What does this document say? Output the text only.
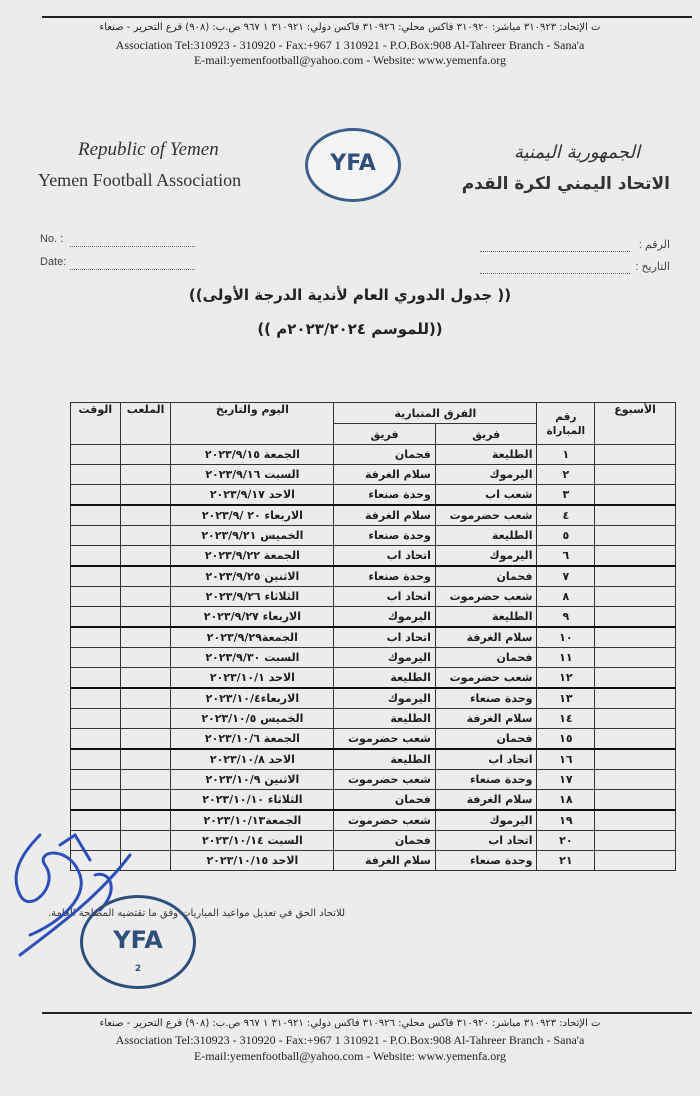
ت الإتحاد: ٣١٠٩٢٣ مباشر: ٣١٠٩٢٠ فاكس محلي: ٣١٠٩٢٦ فاكس دولي: ٣١٠٩٢١ ١ ٩٦٧ ص.ب: (٩٠٨) فرع التحرير - صنعاء
Association Tel:310923 - 310920 - Fax:+967 1 310921 - P.O.Box:908 Al-Tahreer Branch - Sana'a
E-mail:yemenfootball@yahoo.com - Website: www.yemenfa.org
Republic of Yemen
Yemen Football Association
YFA	الجمهورية اليمنية
الاتحاد اليمني لكرة القدم
No. :
Date:
الرقم :
التاريخ :
(( جدول الدوري العام لأندية الدرجة الأولى))
((للموسم ٢٠٢٣/٢٠٢٤م ))
الأسبوع	رقم المباراة	الفرق المتبارية		اليوم والتاريخ	الملعب	الوقت
		فريق	فريق			
	١	الطليعة	فحمان	الجمعة ٢٠٢٣/٩/١٥		
	٢	اليرموك	سلام الغرفة	السبت ٢٠٢٣/٩/١٦		
	٣	شعب اب	وحدة صنعاء	الاحد ٢٠٢٣/٩/١٧		
	٤	شعب حضرموت	سلام الغرفة	الاربعاء ٢٠ /٢٠٢٣/٩		
	٥	الطليعة	وحدة صنعاء	الخميس ٢٠٢٣/٩/٢١		
	٦	اليرموك	اتحاد اب	الجمعة ٢٠٢٣/٩/٢٢		
	٧	فحمان	وحدة صنعاء	الاثنين ٢٠٢٣/٩/٢٥		
	٨	شعب حضرموت	اتحاد اب	الثلاثاء ٢٠٢٣/٩/٢٦		
	٩	الطليعة	اليرموك	الاربعاء ٢٠٢٣/٩/٢٧		
	١٠	سلام الغرفة	اتحاد اب	الجمعة٢٠٢٣/٩/٢٩		
	١١	فحمان	اليرموك	السبت ٢٠٢٣/٩/٣٠		
	١٢	شعب حضرموت	الطليعة	الاحد ٢٠٢٣/١٠/١		
	١٣	وحدة صنعاء	اليرموك	الاربعاء٢٠٢٣/١٠/٤		
	١٤	سلام الغرفة	الطليعة	الخميس ٢٠٢٣/١٠/٥		
	١٥	فحمان	شعب حضرموت	الجمعة ٢٠٢٣/١٠/٦		
	١٦	اتحاد اب	الطليعة	الاحد ٢٠٢٣/١٠/٨		
	١٧	وحدة صنعاء	شعب حضرموت	الاثنين ٢٠٢٣/١٠/٩		
	١٨	سلام الغرفة	فحمان	الثلاثاء ٢٠٢٣/١٠/١٠		
	١٩	اليرموك	شعب حضرموت	الجمعة٢٠٢٣/١٠/١٣		
	٢٠	اتحاد اب	فحمان	السبت ٢٠٢٣/١٠/١٤		
	٢١	وحدة صنعاء	سلام الغرفة	الاحد ٢٠٢٣/١٠/١٥		
للاتحاد الحق في تعديل مواعيد المباريات وفق ما تقتضيه المصلحة العامة.
YFA
2
ت الإتحاد: ٣١٠٩٢٣ مباشر: ٣١٠٩٢٠ فاكس محلي: ٣١٠٩٢٦ فاكس دولي: ٣١٠٩٢١ ١ ٩٦٧ ص.ب: (٩٠٨) فرع التحرير - صنعاء
Association Tel:310923 - 310920 - Fax:+967 1 310921 - P.O.Box:908 Al-Tahreer Branch - Sana'a
E-mail:yemenfootball@yahoo.com - Website: www.yemenfa.org
